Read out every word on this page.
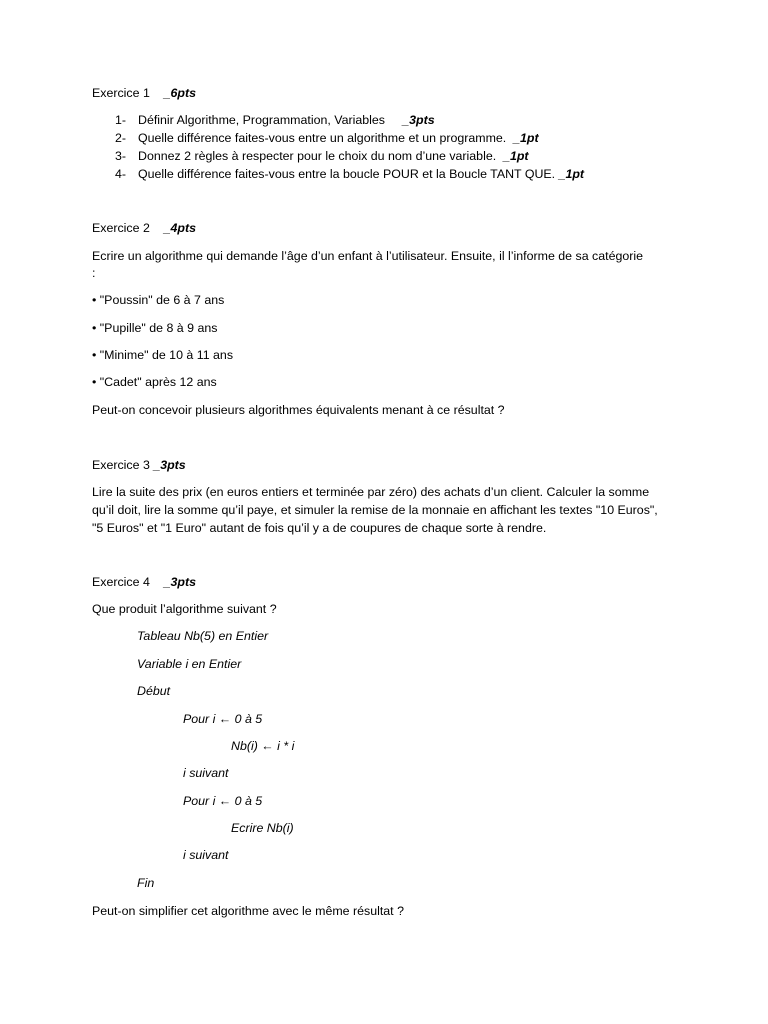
Exercice 1 _6pts
1- Définir Algorithme, Programmation, Variables _3pts
2- Quelle différence faites-vous entre un algorithme et un programme. _1pt
3- Donnez 2 règles à respecter pour le choix du nom d’une variable. _1pt
4- Quelle différence faites-vous entre la boucle POUR et la Boucle TANT QUE. _1pt
Exercice 2 _4pts
Ecrire un algorithme qui demande l’âge d’un enfant à l’utilisateur. Ensuite, il l’informe de sa catégorie
:
• "Poussin" de 6 à 7 ans
• "Pupille" de 8 à 9 ans
• "Minime" de 10 à 11 ans
• "Cadet" après 12 ans
Peut-on concevoir plusieurs algorithmes équivalents menant à ce résultat ?
Exercice 3 _3pts
Lire la suite des prix (en euros entiers et terminée par zéro) des achats d’un client. Calculer la somme
qu’il doit, lire la somme qu’il paye, et simuler la remise de la monnaie en affichant les textes "10 Euros",
"5 Euros" et "1 Euro" autant de fois qu’il y a de coupures de chaque sorte à rendre.
Exercice 4 _3pts
Que produit l’algorithme suivant ?
Tableau Nb(5) en Entier
Variable i en Entier
Début
Pour i ← 0 à 5
Nb(i) ← i * i
i suivant
Pour i ← 0 à 5
Ecrire Nb(i)
i suivant
Fin
Peut-on simplifier cet algorithme avec le même résultat ?
